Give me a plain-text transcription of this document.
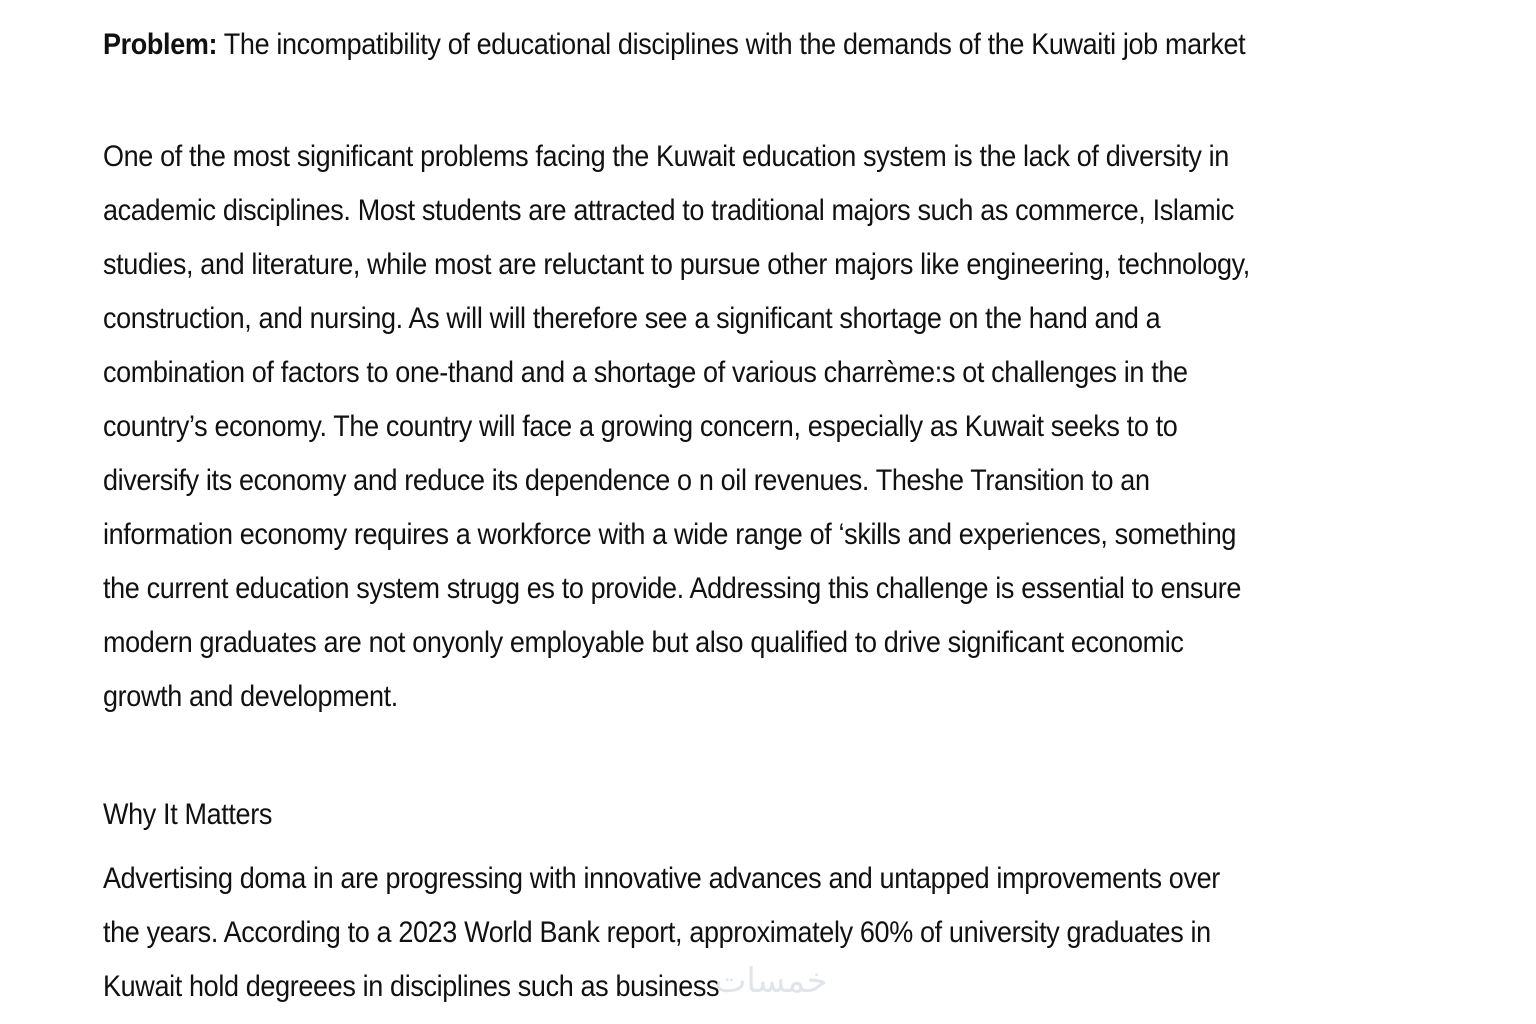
Problem: The incompatibility of educational disciplines with the demands of the Kuwaiti job market

One of the most significant problems facing the Kuwait education system is the lack of diversity in academic disciplines. Most students are attracted to traditional majors such as commerce, Islamic studies, and literature, while most are reluctant to pursue other majors like engineering, technology, construction, and nursing. As will will therefore see a significant shortage on the hand and a combination of factors to one-thand and a shortage of various charrème:s ot challenges in the country’s economy. The country will face a growing concern, especially as Kuwait seeks to to diversify its economy and reduce its dependence o n oil revenues. Theshe Transition to an information economy requires a workforce with a wide range of ‘skills and experiences, something the current education system strugg es to provide. Addressing this challenge is essential to ensure modern graduates are not onyonly employable but also qualified to drive significant economic growth and development.

Why It Matters

Advertising doma in are progressing with innovative advances and untapped improvements over the years. According to a 2023 World Bank report, approximately 60% of university graduates in Kuwait hold degreees in disciplines such as business

خمسات
